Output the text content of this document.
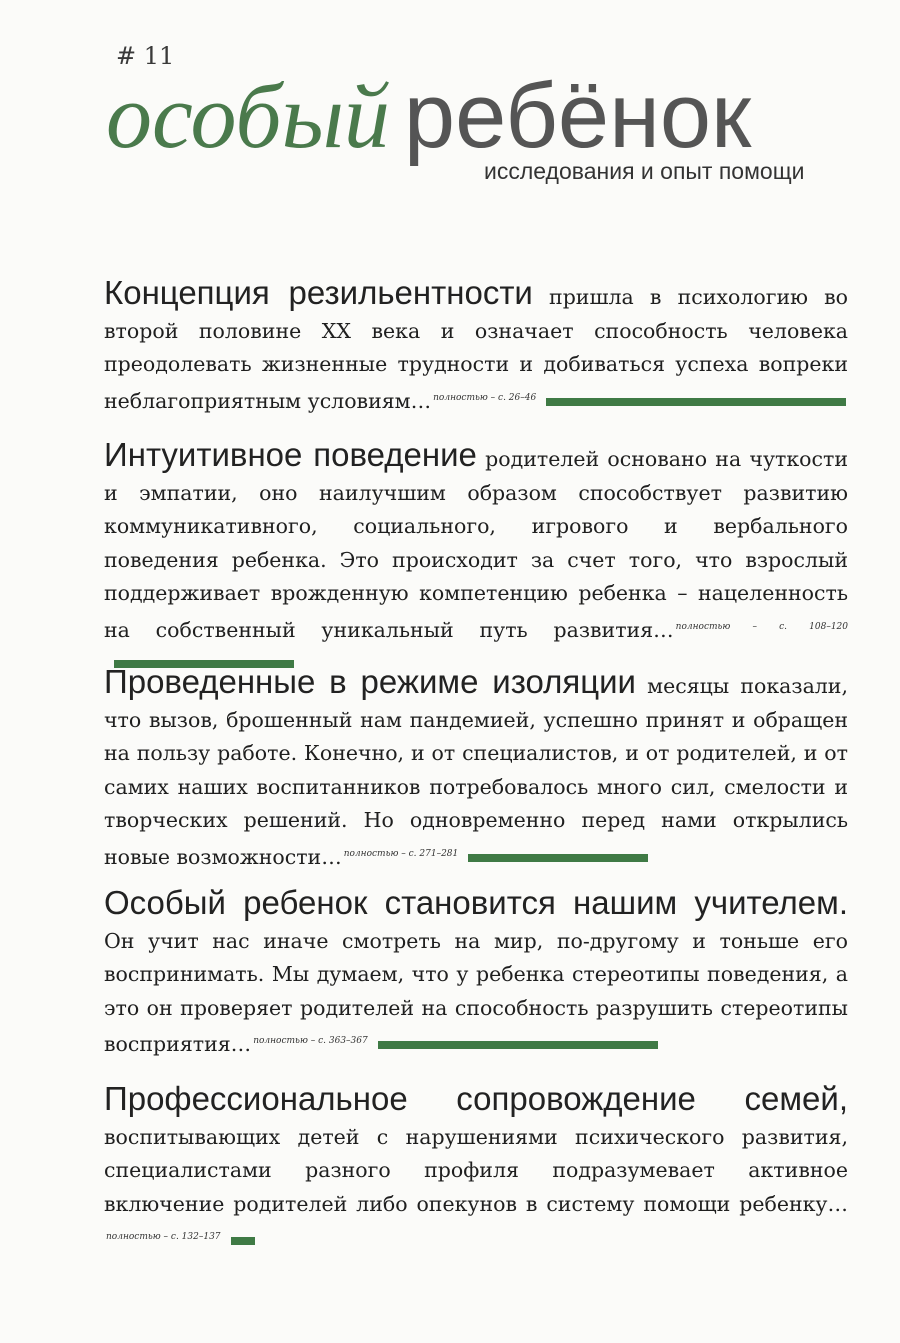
# 11
особый ребёнок
исследования и опыт помощи
Концепция резильентности пришла в психологию во второй половине XX века и означает способность человека преодолевать жизненные трудности и добиваться успеха вопреки неблагоприятным условиям… $^{полностью - с. 26-46}$
Интуитивное поведение родителей основано на чуткости и эмпатии, оно наилучшим образом способствует развитию коммуникативного, социального, игрового и вербального поведения ребенка. Это происходит за счет того, что взрослый поддерживает врожденную компетенцию ребенка – нацеленность на собственный уникальный путь развития… $^{полностью - с. 108-120}$
Проведенные в режиме изоляции месяцы показали, что вызов, брошенный нам пандемией, успешно принят и обращен на пользу работе. Конечно, и от специалистов, и от родителей, и от самих наших воспитанников потребовалось много сил, смелости и творческих решений. Но одновременно перед нами открылись новые возможности… $^{полностью - с. 271-281}$
Особый ребенок становится нашим учителем. Он учит нас иначе смотреть на мир, по-другому и тоньше его воспринимать. Мы думаем, что у ребенка стереотипы поведения, а это он проверяет родителей на способность разрушить стереотипы восприятия… $^{полностью - с. 363-367}$
Профессиональное сопровождение семей, воспитывающих детей с нарушениями психического развития, специалистами разного профиля подразумевает активное включение родителей либо опекунов в систему помощи ребенку…$^{полностью - с. 132-137}$
